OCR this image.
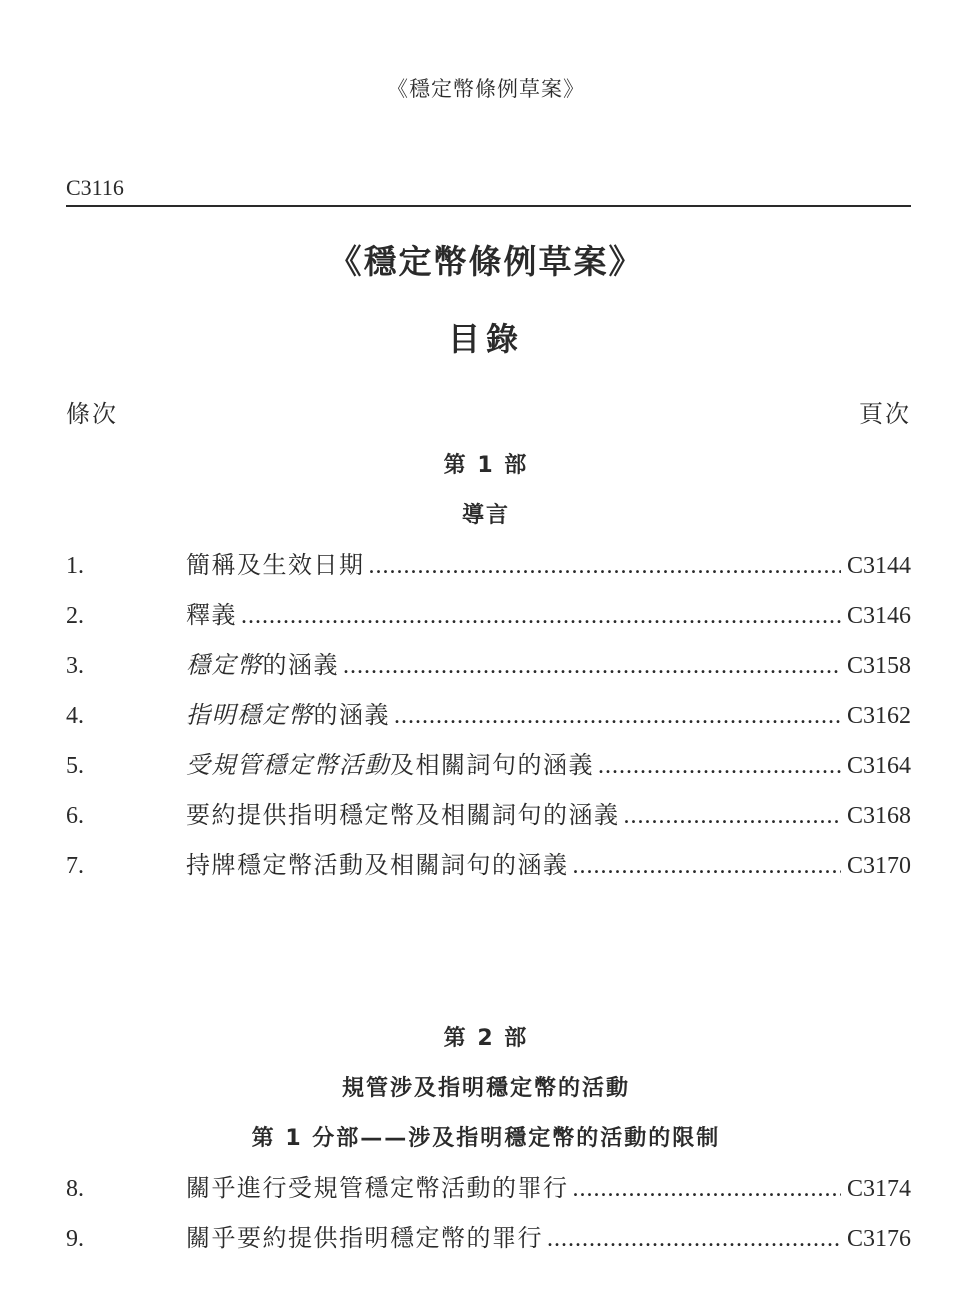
《穩定幣條例草案》
C3116
《穩定幣條例草案》
目錄
條次	頁次
第 1 部
導言
1.	簡稱及生效日期 .....	C3144
2.	釋義 .....	C3146
3.	穩定幣的涵義 .....	C3158
4.	指明穩定幣的涵義 .....	C3162
5.	受規管穩定幣活動及相關詞句的涵義 .....	C3164
6.	要約提供指明穩定幣及相關詞句的涵義 .....	C3168
7.	持牌穩定幣活動及相關詞句的涵義 .....	C3170
第 2 部
規管涉及指明穩定幣的活動
第 1 分部——涉及指明穩定幣的活動的限制
8.	關乎進行受規管穩定幣活動的罪行 .....	C3174
9.	關乎要約提供指明穩定幣的罪行 .....	C3176
